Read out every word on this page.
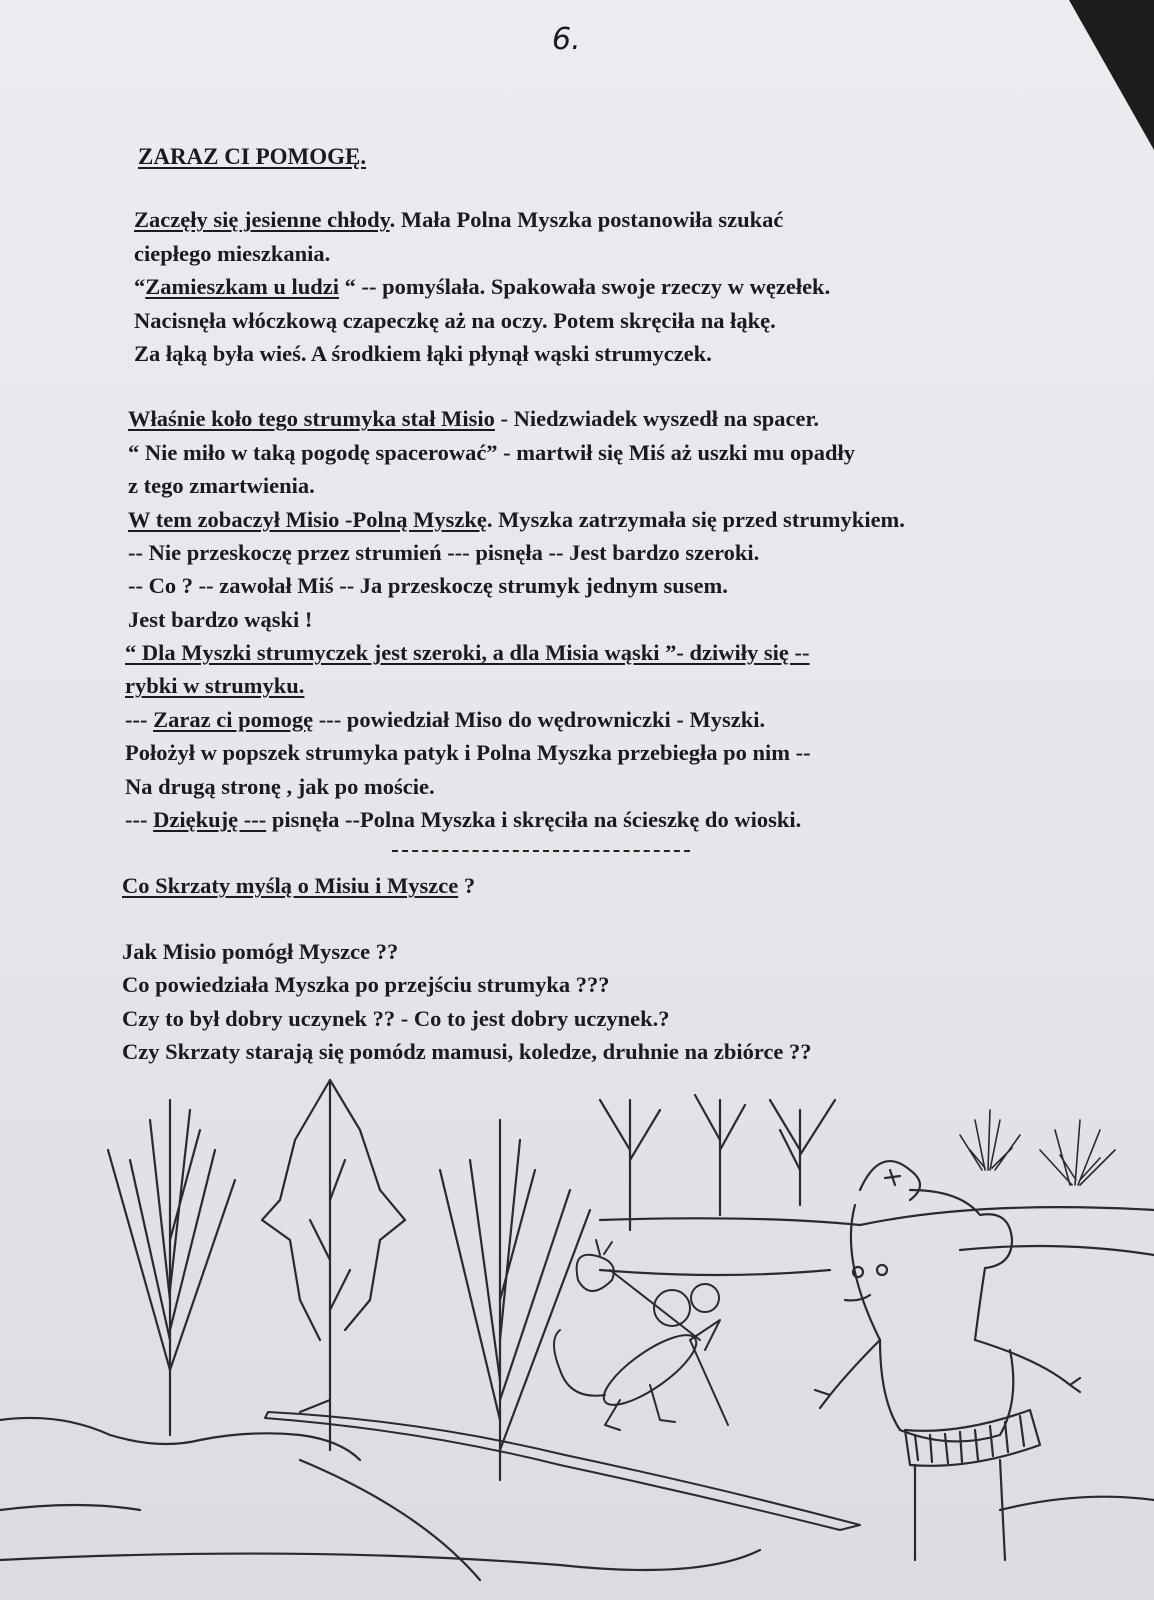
6.
ZARAZ CI POMOGĘ.
Zaczęły się jesienne chłody. Mała Polna Myszka postanowiła szukać
ciepłego mieszkania.
“Zamieszkam u ludzi “ -- pomyślała. Spakowała swoje rzeczy w węzełek.
Nacisnęła włóczkową czapeczkę aż na oczy. Potem skręciła na łąkę.
Za łąką była wieś. A środkiem łąki płynął wąski strumyczek.
Właśnie koło tego strumyka stał Misio - Niedzwiadek wyszedł na spacer.
“ Nie miło w taką pogodę spacerować” - martwił się Miś aż uszki mu opadły
z tego zmartwienia.
W tem zobaczył Misio -Polną Myszkę. Myszka zatrzymała się przed strumykiem.
-- Nie przeskoczę przez strumień --- pisnęła -- Jest bardzo szeroki.
-- Co ? -- zawołał Miś -- Ja przeskoczę strumyk jednym susem.
Jest bardzo wąski !
“ Dla Myszki strumyczek jest szeroki, a dla Misia wąski ”- dziwiły się --
rybki w strumyku.
--- Zaraz ci pomogę --- powiedział Miso do wędrowniczki - Myszki.
Położył w popszek strumyka patyk i Polna Myszka przebiegła po nim --
Na drugą stronę , jak po moście.
--- Dziękuję --- pisnęła --Polna Myszka i skręciła na ścieszkę do wioski.
Co Skrzaty myślą o Misiu i Myszce ?
Jak Misio pomógł Myszce ??
Co powiedziała Myszka po przejściu strumyka ???
Czy to był dobry uczynek ?? - Co to jest dobry uczynek.?
Czy Skrzaty starają się pomódz mamusi, koledze, druhnie na zbiórce ??
